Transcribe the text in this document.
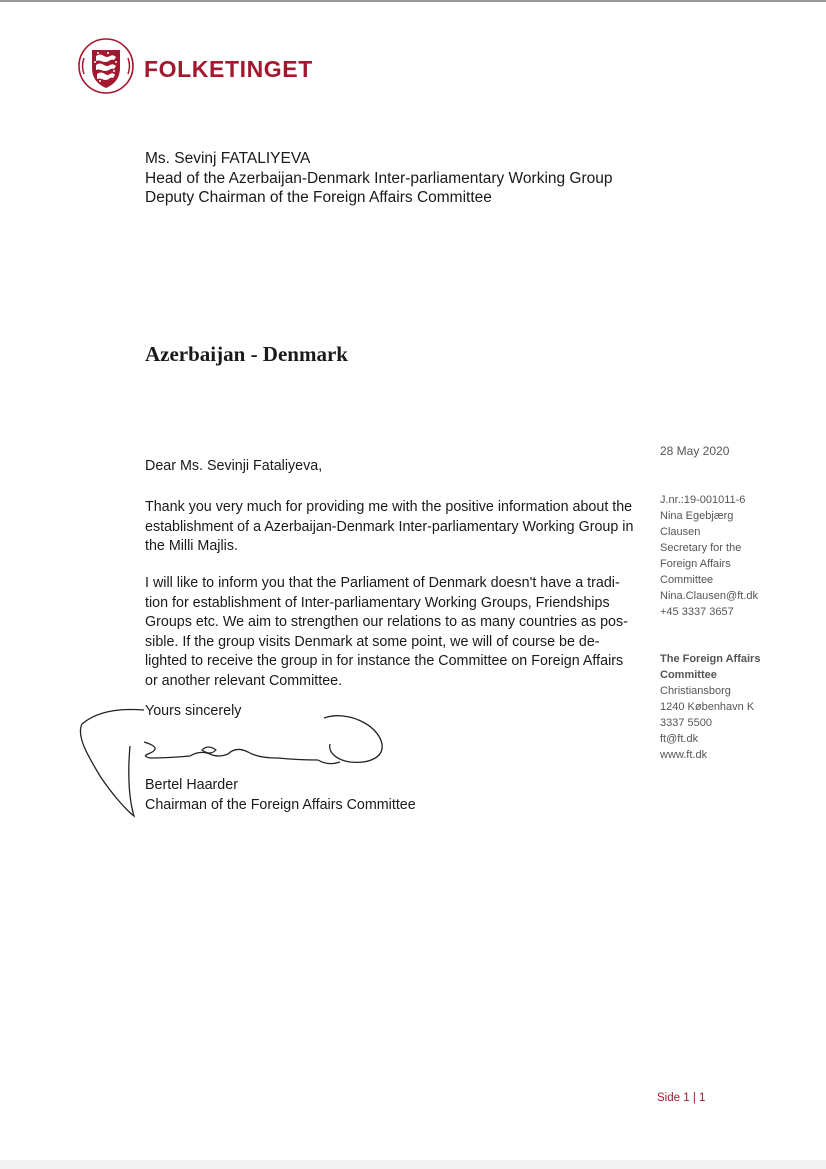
FOLKETINGET
Ms. Sevinj FATALIYEVA
Head of the Azerbaijan-Denmark Inter-parliamentary Working Group
Deputy Chairman of the Foreign Affairs Committee
Azerbaijan - Denmark
Dear Ms. Sevinji Fataliyeva,
Thank you very much for providing me with the positive information about the
establishment of a Azerbaijan-Denmark Inter-parliamentary Working Group in
the Milli Majlis.
I will like to inform you that the Parliament of Denmark doesn't have a tradi-
tion for establishment of Inter-parliamentary Working Groups, Friendships
Groups etc. We aim to strengthen our relations to as many countries as pos-
sible. If the group visits Denmark at some point, we will of course be de-
lighted to receive the group in for instance the Committee on Foreign Affairs
or another relevant Committee.
Yours sincerely
Bertel Haarder
Chairman of the Foreign Affairs Committee
28 May 2020
J.nr.:19-001011-6
Nina Egebjærg
Clausen
Secretary for the
Foreign Affairs
Committee
Nina.Clausen@ft.dk
+45 3337 3657
The Foreign Affairs
Committee
Christiansborg
1240 København K
3337 5500
ft@ft.dk
www.ft.dk
Side 1 | 1
